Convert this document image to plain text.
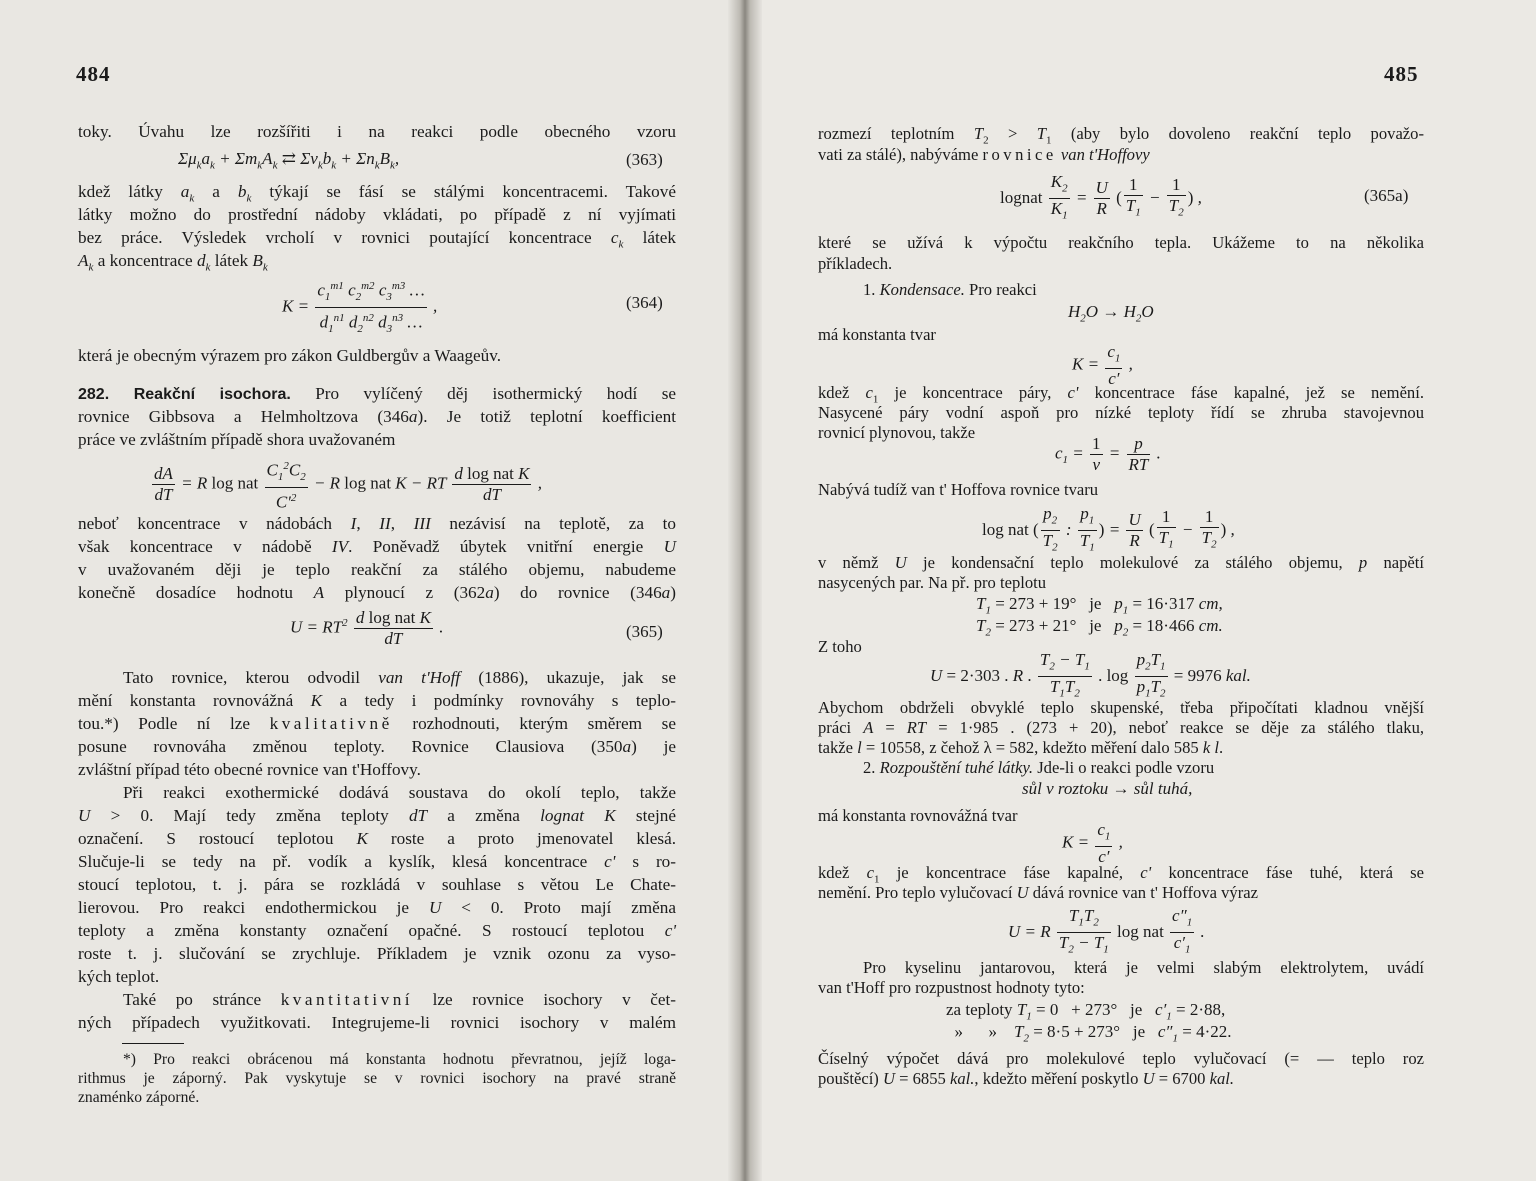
484
toky. Úvahu lze rozšířiti i na reakci podle obecného vzoru
$\Sigma\mu_ka_k + \Sigma m_kA_k$ ⇄ $\Sigma\nu_kb_k + \Sigma n_kB_k$,	(363)
kdež látky $a_k$ a $b_k$ týkají se fásí se stálými koncentracemi. Takové
látky možno do prostřední nádoby vkládati, po případě z ní vyjímati
bez práce. Výsledek vrcholí v rovnici poutající koncentrace $c_k$ látek
$A_k$ a koncentrace $d_k$ látek $B_k$
$K = \frac{c_1^{m1} c_2^{m2} c_3^{m3} \dots}{d_1^{n1} d_2^{n2} d_3^{n3} \dots}$ ,	(364)
která je obecným výrazem pro zákon Guldbergův a Waageův.
282. Reakční isochora. Pro vylíčený děj isothermický hodí se
rovnice Gibbsova a Helmholtzova (346a). Je totiž teplotní koefficient
práce ve zvláštním případě shora uvažovaném
$\frac{dA}{dT} = R$ log nat $\frac{C_1^2C_2}{C'^2} - R$ log nat K − RT $\frac{\text{d log nat K}}{dT}$ ,
neboť koncentrace v nádobách I, II, III nezávisí na teplotě, za to
však koncentrace v nádobě IV. Poněvadž úbytek vnitřní energie U
v uvažovaném ději je teplo reakční za stálého objemu, nabudeme
konečně dosadíce hodnotu A plynoucí z (362a) do rovnice (346a)
$U = RT^2 \frac{\text{d log nat K}}{dT}$ .	(365)
Tato rovnice, kterou odvodil van t'Hoff (1886), ukazuje, jak se
mění konstanta rovnovážná K a tedy i podmínky rovnováhy s teplo-
tou.*) Podle ní lze kvalitativně rozhodnouti, kterým směrem se
posune rovnováha změnou teploty. Rovnice Clausiova (350a) je
zvláštní případ této obecné rovnice van t'Hoffovy.
Při reakci exothermické dodává soustava do okolí teplo, takže
U > 0. Mají tedy změna teploty dT a změna lognat K stejné
označení. S rostoucí teplotou K roste a proto jmenovatel klesá.
Slučuje-li se tedy na př. vodík a kyslík, klesá koncentrace c' s ro-
stoucí teplotou, t. j. pára se rozkládá v souhlase s větou Le Chate-
lierovou. Pro reakci endothermickou je U < 0. Proto mají změna
teploty a změna konstanty označení opačné. S rostoucí teplotou c'
roste t. j. slučování se zrychluje. Příkladem je vznik ozonu za vyso-
kých teplot.
Také po stránce kvantitativní lze rovnice isochory v čet-
ných případech využitkovati. Integrujeme-li rovnici isochory v malém
*) Pro reakci obrácenou má konstanta hodnotu převratnou, jejíž loga-
rithmus je záporný. Pak vyskytuje se v rovnici isochory na pravé straně
znaménko záporné.
485
rozmezí teplotním $T_2 > T_1$ (aby bylo dovoleno reakční teplo považo-
vati za stálé), nabýváme rovnice van t'Hoffovy
lognat $\frac{K_2}{K_1} = \frac{U}{R}$ ( $\frac{1}{T_1} - \frac{1}{T_2}$ ) ,	(365a)
které se užívá k výpočtu reakčního tepla. Ukážeme to na několika
příkladech.
1. Kondensace. Pro reakci
$H_2O \to H_2O$
má konstanta tvar
$K = \frac{c_1}{c'}$ ,
kdež $c_1$ je koncentrace páry, c' koncentrace fáse kapalné, jež se nemění.
Nasycené páry vodní aspoň pro nízké teploty řídí se zhruba stavojevnou
rovnicí plynovou, takže
$c_1 = \frac{1}{v} = \frac{p}{RT}$ .
Nabývá tudíž van t' Hoffova rovnice tvaru
log nat ( $\frac{p_2}{T_2}$ : $\frac{p_1}{T_1}$ ) = $\frac{U}{R}$ ( $\frac{1}{T_1} - \frac{1}{T_2}$ ) ,
v němž U je kondensační teplo molekulové za stálého objemu, p napětí
nasycených par. Na př. pro teplotu
$T_1 = 273 + 19^\circ$   je   $p_1 = 16\cdot 317$ cm,
$T_2 = 273 + 21^\circ$   je   $p_2 = 18\cdot 466$ cm.
Z toho
U = 2·303 . R . $\frac{T_2 - T_1}{T_1T_2}$ . $\log \frac{p_2T_1}{p_1T_2} = 9976$ kal.
Abychom obdrželi obvyklé teplo skupenské, třeba připočítati kladnou vnější
práci A = RT = 1·985 . (273 + 20), neboť reakce se děje za stálého tlaku,
takže l = 10558, z čehož λ = 582, kdežto měření dalo 585 k l.
2. Rozpouštění tuhé látky. Jde-li o reakci podle vzoru
sůl v roztoku → sůl tuhá,
má konstanta rovnovážná tvar
$K = \frac{c_1}{c'}$ ,
kdež $c_1$ je koncentrace fáse kapalné, c' koncentrace fáse tuhé, která se
nemění. Pro teplo vylučovací U dává rovnice van t' Hoffova výraz
U = R $\frac{T_1T_2}{T_2 - T_1}$ log nat $\frac{c''_1}{c'_1}$ .
Pro kyselinu jantarovou, která je velmi slabým elektrolytem, uvádí
van t'Hoff pro rozpustnost hodnoty tyto:
za teploty $T_1 = 0 + 273^\circ$   je   $c'_1 = 2\cdot 88$,
»      »    $T_2 = 8\cdot 5 + 273^\circ$   je   $c''_1 = 4\cdot 22$.
Číselný výpočet dává pro molekulové teplo vylučovací (= — teplo roz
pouštěcí) U = 6855 kal., kdežto měření poskytlo U = 6700 kal.
